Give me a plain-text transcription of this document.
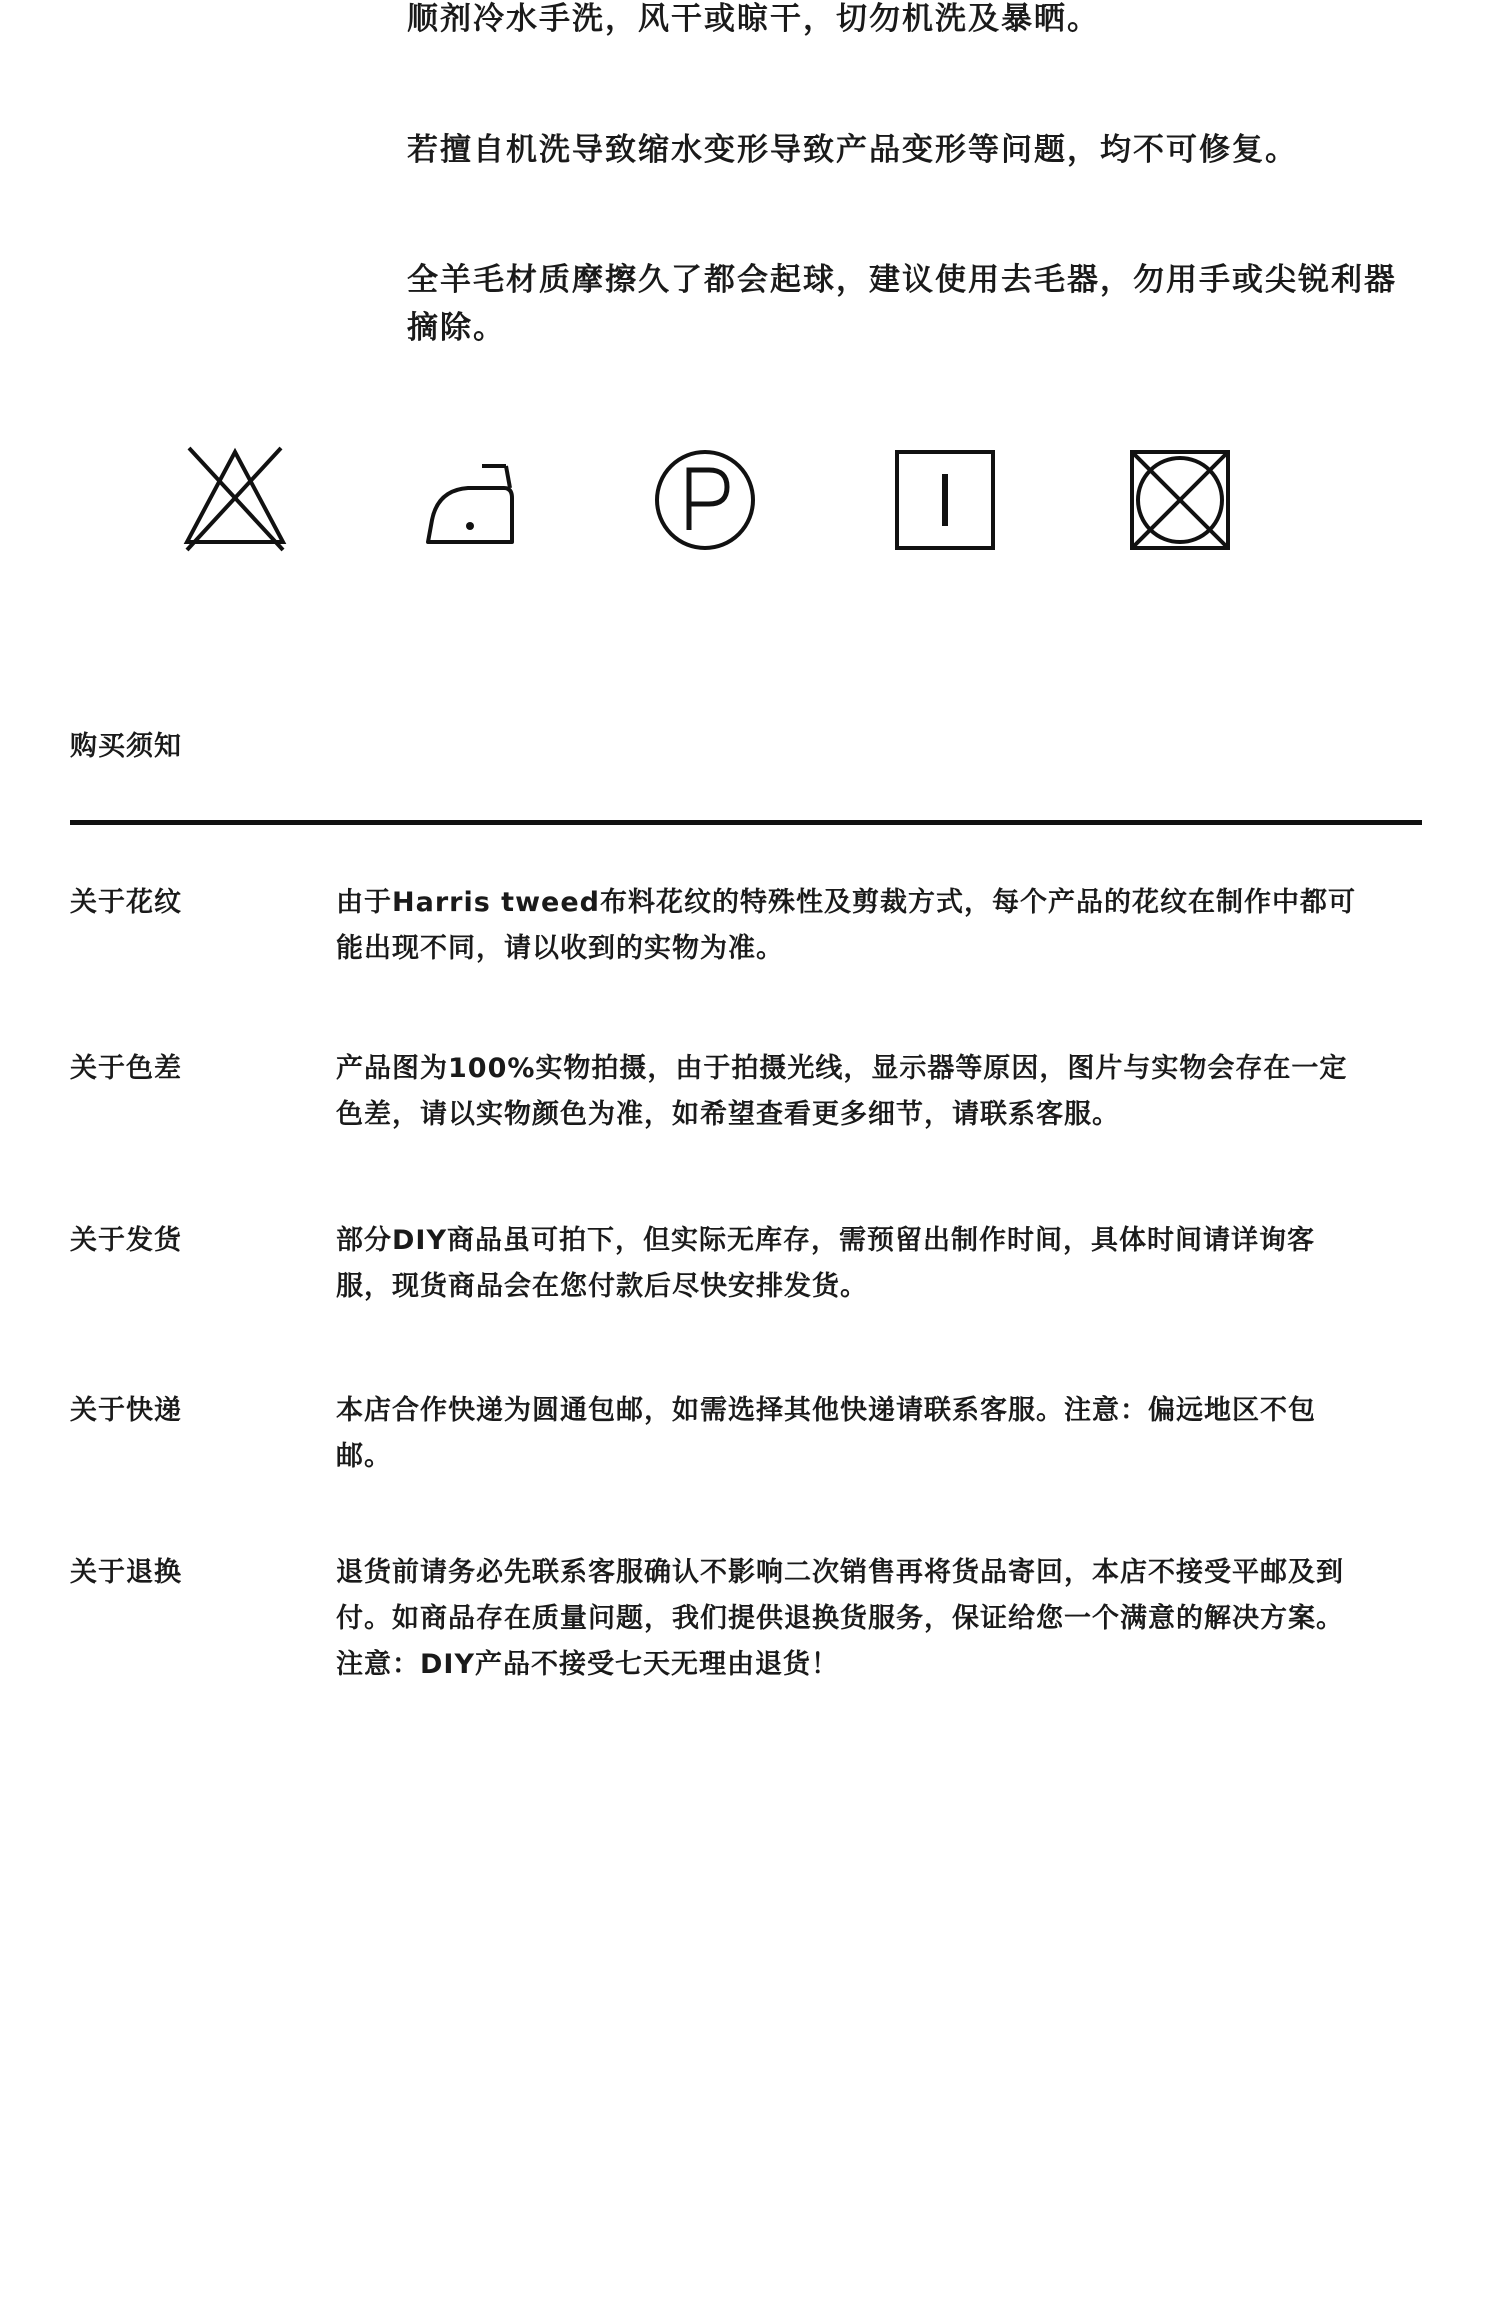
顺剂冷水手洗，风干或晾干，切勿机洗及暴晒。

若擅自机洗导致缩水变形导致产品变形等问题，均不可修复。

全羊毛材质摩擦久了都会起球，建议使用去毛器，勿用手或尖锐利器摘除。

购买须知
关于花纹	由于Harris tweed布料花纹的特殊性及剪裁方式，每个产品的花纹在制作中都可能出现不同，请以收到的实物为准。

关于色差	产品图为100%实物拍摄，由于拍摄光线，显示器等原因，图片与实物会存在一定色差，请以实物颜色为准，如希望查看更多细节，请联系客服。

关于发货	部分DIY商品虽可拍下，但实际无库存，需预留出制作时间，具体时间请详询客服，现货商品会在您付款后尽快安排发货。

关于快递	本店合作快递为圆通包邮，如需选择其他快递请联系客服。注意：偏远地区不包邮。

关于退换	退货前请务必先联系客服确认不影响二次销售再将货品寄回，本店不接受平邮及到付。如商品存在质量问题，我们提供退换货服务，保证给您一个满意的解决方案。注意：DIY产品不接受七天无理由退货！
